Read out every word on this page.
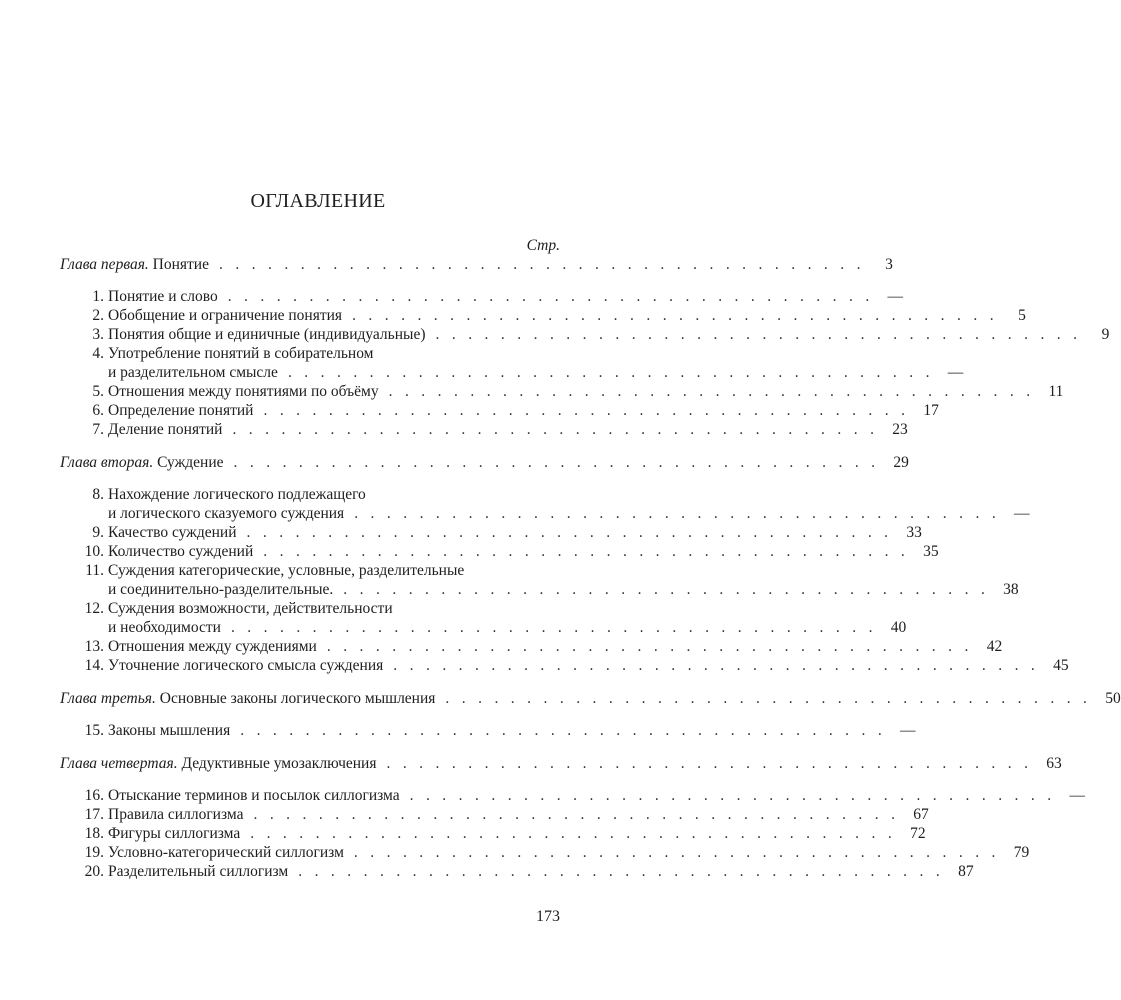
ОГЛАВЛЕНИЕ
Стр.
Глава первая. Понятие . . . . . . . . . . . . . . . . . . . . . . . . . . . . . . . . . . . . . . . .	3
1. Понятие и слово . . . . . . . . . . . . . . . . . . . . . . . . . . . . . . . . . . . . . . . . —
2. Обобщение и ограничение понятия . . . . . . . . . . . . . . . . . . . . . . . . . . . . . . . . . . . . . . . .	5
3. Понятия общие и единичные (индивидуальные) . . . . . . . . . . . . . . . . . . . . . . . . . . . . . . . . . . . . . . . .	9
4. Употребление понятий в собирательном
и разделительном смысле . . . . . . . . . . . . . . . . . . . . . . . . . . . . . . . . . . . . . . . . —
5. Отношения между понятиями по объёму . . . . . . . . . . . . . . . . . . . . . . . . . . . . . . . . . . . . . . . . 11
6. Определение понятий . . . . . . . . . . . . . . . . . . . . . . . . . . . . . . . . . . . . . . . . 17
7. Деление понятий . . . . . . . . . . . . . . . . . . . . . . . . . . . . . . . . . . . . . . . . 23
Глава вторая. Суждение . . . . . . . . . . . . . . . . . . . . . . . . . . . . . . . . . . . . . . . . 29
8. Нахождение логического подлежащего
и логического сказуемого суждения . . . . . . . . . . . . . . . . . . . . . . . . . . . . . . . . . . . . . . . . —
9. Качество суждений . . . . . . . . . . . . . . . . . . . . . . . . . . . . . . . . . . . . . . . . 33
10. Количество суждений . . . . . . . . . . . . . . . . . . . . . . . . . . . . . . . . . . . . . . . . 35
11. Суждения категорические, условные, разделительные
и соединительно-разделительные. . . . . . . . . . . . . . . . . . . . . . . . . . . . . . . . . . . . . . . . . 38
12. Суждения возможности, действительности
и необходимости . . . . . . . . . . . . . . . . . . . . . . . . . . . . . . . . . . . . . . . . 40
13. Отношения между суждениями . . . . . . . . . . . . . . . . . . . . . . . . . . . . . . . . . . . . . . . . 42
14. Уточнение логического смысла суждения . . . . . . . . . . . . . . . . . . . . . . . . . . . . . . . . . . . . . . . . 45
Глава третья. Основные законы логического мышления . . . . . . . . . . . . . . . . . . . . . . . . . . . . . . . . . . . . . . . . 50
15. Законы мышления . . . . . . . . . . . . . . . . . . . . . . . . . . . . . . . . . . . . . . . . —
Глава четвертая. Дедуктивные умозаключения . . . . . . . . . . . . . . . . . . . . . . . . . . . . . . . . . . . . . . . . 63
16. Отыскание терминов и посылок силлогизма . . . . . . . . . . . . . . . . . . . . . . . . . . . . . . . . . . . . . . . . —
17. Правила силлогизма . . . . . . . . . . . . . . . . . . . . . . . . . . . . . . . . . . . . . . . . 67
18. Фигуры силлогизма . . . . . . . . . . . . . . . . . . . . . . . . . . . . . . . . . . . . . . . . 72
19. Условно-категорический силлогизм . . . . . . . . . . . . . . . . . . . . . . . . . . . . . . . . . . . . . . . . 79
20. Разделительный силлогизм . . . . . . . . . . . . . . . . . . . . . . . . . . . . . . . . . . . . . . . . 87
173
